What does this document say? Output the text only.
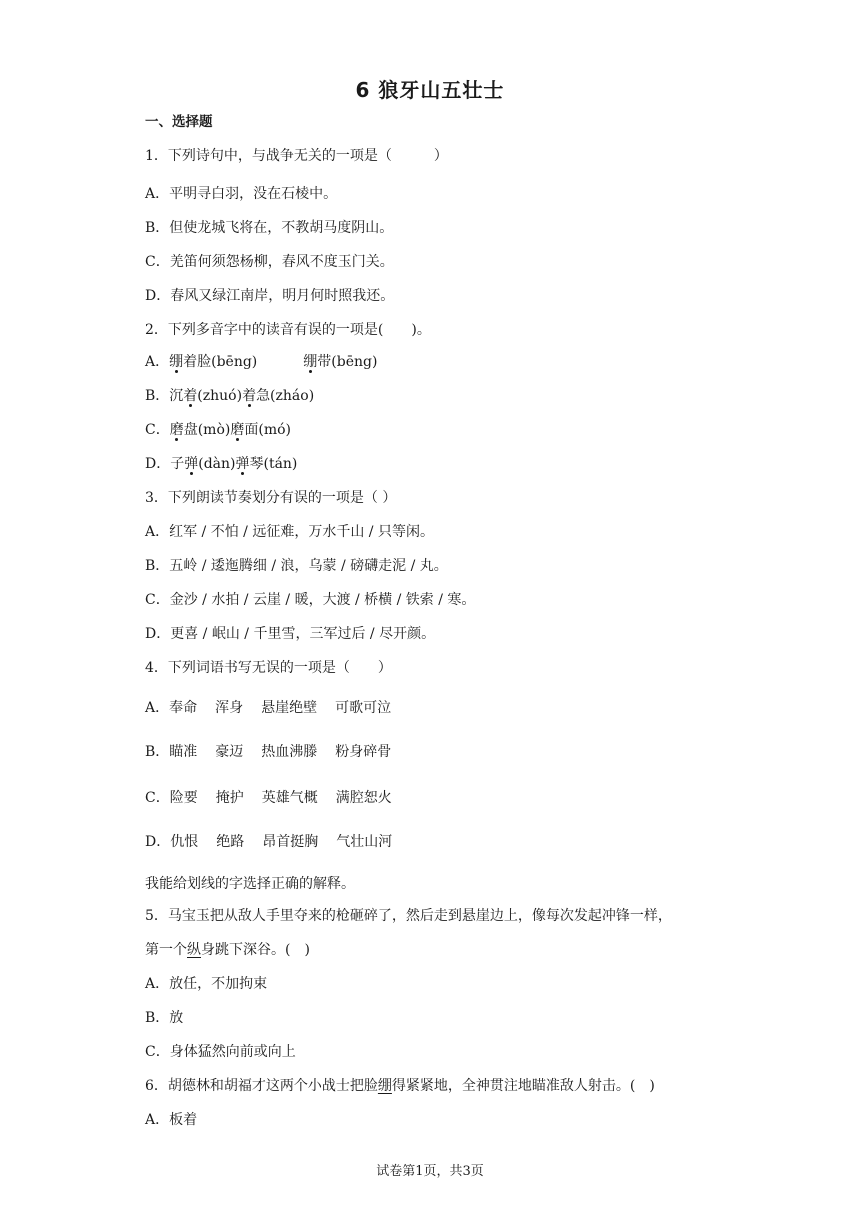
6 狼牙山五壮士
一、选择题
1．下列诗句中，与战争无关的一项是（　　　）
A．平明寻白羽，没在石棱中。
B．但使龙城飞将在，不教胡马度阴山。
C．羌笛何须怨杨柳，春风不度玉门关。
D．春风又绿江南岸，明月何时照我还。
2．下列多音字中的读音有误的一项是(　　)。
A．绷着脸(bēng)	绷带(bēng)
B．沉着(zhuó)着急(zháo)
C．磨盘(mò)磨面(mó)
D．子弹(dàn)弹琴(tán)
3．下列朗读节奏划分有误的一项是（ ）
A．红军 / 不怕 / 远征难，万水千山 / 只等闲。
B．五岭 / 逶迤腾细 / 浪，乌蒙 / 磅礴走泥 / 丸。
C．金沙 / 水拍 / 云崖 / 暖，大渡 / 桥横 / 铁索 / 寒。
D．更喜 / 岷山 / 千里雪，三军过后 / 尽开颜。
4．下列词语书写无误的一项是（　　）
A．奉命 浑身 悬崖绝壁 可歌可泣
B．瞄准 豪迈 热血沸滕 粉身碎骨
C．险要 掩护 英雄气概 满腔恕火
D．仇恨 绝路 昂首挺胸 气壮山河
我能给划线的字选择正确的解释。
5．马宝玉把从敌人手里夺来的枪砸碎了，然后走到悬崖边上，像每次发起冲锋一样，
第一个纵身跳下深谷。(　)
A．放任，不加拘束
B．放
C．身体猛然向前或向上
6．胡德林和胡福才这两个小战士把脸绷得紧紧地，全神贯注地瞄准敌人射击。(　)
A．板着
试卷第1页，共3页
